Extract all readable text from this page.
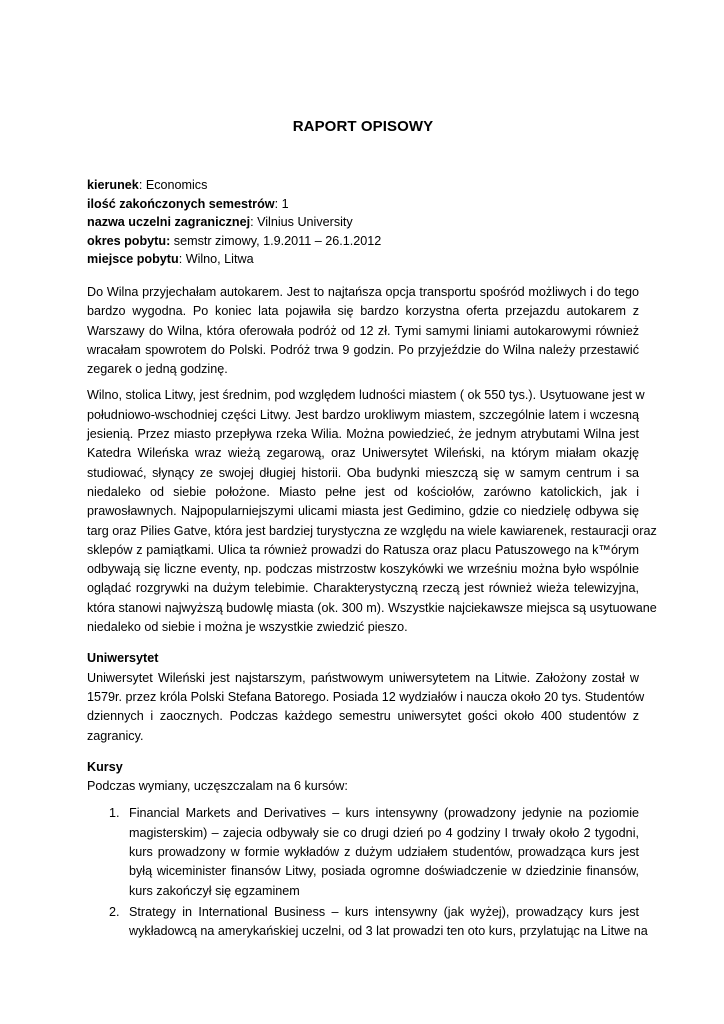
RAPORT OPISOWY
kierunek: Economics
ilość zakończonych semestrów: 1
nazwa uczelni zagranicznej: Vilnius University
okres pobytu: semstr zimowy, 1.9.2011 – 26.1.2012
miejsce pobytu: Wilno, Litwa
Do Wilna przyjechałam autokarem. Jest to najtańsza opcja transportu spośród możliwych i do tego
bardzo wygodna. Po koniec lata pojawiła się bardzo korzystna oferta przejazdu autokarem z
Warszawy do Wilna, która oferowała podróż od 12 zł. Tymi samymi liniami autokarowymi również
wracałam spowrotem do Polski. Podróż trwa 9 godzin. Po przyjeździe do Wilna należy przestawić
zegarek o jedną godzinę.
Wilno, stolica Litwy, jest średnim, pod względem ludności miastem ( ok 550 tys.). Usytuowane jest w
południowo-wschodniej części Litwy. Jest bardzo urokliwym miastem, szczególnie latem i wczesną
jesienią. Przez miasto przepływa rzeka Wilia. Można powiedzieć, że jednym atrybutami Wilna jest
Katedra Wileńska wraz wieżą zegarową, oraz Uniwersytet Wileński, na którym miałam okazję
studiować, słynący ze swojej długiej historii. Oba budynki mieszczą się w samym centrum i sa
niedaleko od siebie położone. Miasto pełne jest od kościołów, zarówno katolickich, jak i
prawosławnych. Najpopularniejszymi ulicami miasta jest Gedimino, gdzie co niedzielę odbywa się
targ oraz Pilies Gatve, która jest bardziej turystyczna ze względu na wiele kawiarenek, restauracji oraz
sklepów z pamiątkami. Ulica ta również prowadzi do Ratusza oraz placu Patuszowego na k™órym
odbywają się liczne eventy, np. podczas mistrzostw koszykówki we wrześniu można było wspólnie
oglądać rozgrywki na dużym telebimie. Charakterystyczną rzeczą jest również wieża telewizyjna,
która stanowi najwyższą budowlę miasta (ok. 300 m). Wszystkie najciekawsze miejsca są usytuowane
niedaleko od siebie i można je wszystkie zwiedzić pieszo.
Uniwersytet
Uniwersytet Wileński jest najstarszym, państwowym uniwersytetem na Litwie. Założony został w
1579r. przez króla Polski Stefana Batorego. Posiada 12 wydziałów i naucza około 20 tys. Studentów
dziennych i zaocznych. Podczas każdego semestru uniwersytet gości około 400 studentów z
zagranicy.
Kursy
Podczas wymiany, uczęszczalam na 6 kursów:
1. Financial Markets and Derivatives – kurs intensywny (prowadzony jedynie na poziomie
magisterskim) – zajecia odbywały sie co drugi dzień po 4 godziny I trwały około 2 tygodni,
kurs prowadzony w formie wykładów z dużym udziałem studentów, prowadząca kurs jest
byłą wiceminister finansów Litwy, posiada ogromne doświadczenie w dziedzinie finansów,
kurs zakończył się egzaminem
2. Strategy in International Business – kurs intensywny (jak wyżej), prowadzący kurs jest
wykładowcą na amerykańskiej uczelni, od 3 lat prowadzi ten oto kurs, przylatując na Litwe na
